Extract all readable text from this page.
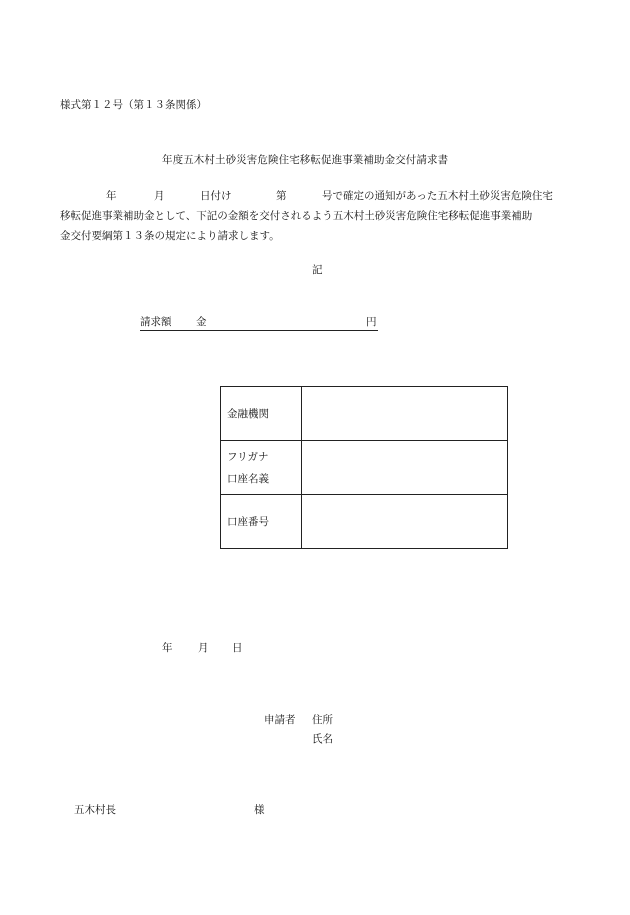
様式第１２号（第１３条関係）
年度五木村土砂災害危険住宅移転促進事業補助金交付請求書
年	月	日付け	第	号で確定の通知があった五木村土砂災害危険住宅
移転促進事業補助金として、下記の金額を交付されるよう五木村土砂災害危険住宅移転促進事業補助
金交付要綱第１３条の規定により請求します。
記
請求額 金	円
金融機関	

フリガナ
口座名義	

口座番号	
年 月 日
申請者 住所
氏名
五木村長	様
